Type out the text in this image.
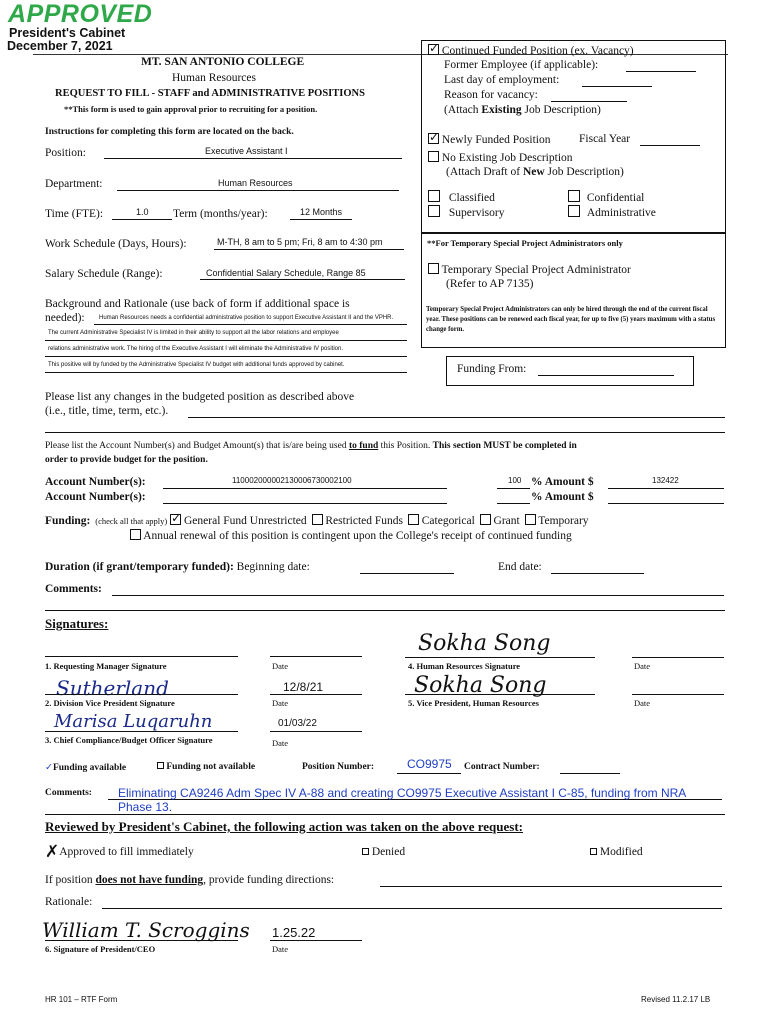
APPROVED
President's Cabinet
December 7, 2021
MT. SAN ANTONIO COLLEGE
Human Resources
REQUEST TO FILL - STAFF and ADMINISTRATIVE POSITIONS
**This form is used to gain approval prior to recruiting for a position.
Instructions for completing this form are located on the back.
Position:	Executive Assistant I
Department:	Human Resources
Time (FTE):	1.0 Term (months/year):	12 Months
Work Schedule (Days, Hours):	M-TH, 8 am to 5 pm; Fri, 8 am to 4:30 pm
Salary Schedule (Range):	Confidential Salary Schedule, Range 85
Background and Rationale (use back of form if additional space is
needed): Human Resources needs a confidential administrative position to support Executive Assistant II and the VPHR.
The current Administrative Specialist IV is limited in their ability to support all the labor relations and employee
relations administrative work. The hiring of the Executive Assistant I will eliminate the Administrative IV position.
This positive will by funded by the Administrative Specialist IV budget with additional funds approved by cabinet.
✓ Continued Funded Position (ex. Vacancy)
Former Employee (if applicable):
Last day of employment:
Reason for vacancy:
(Attach Existing Job Description)
✓ Newly Funded Position Fiscal Year
No Existing Job Description
(Attach Draft of New Job Description)
Classified	Confidential
Supervisory	Administrative
**For Temporary Special Project Administrators only
Temporary Special Project Administrator
(Refer to AP 7135)
Temporary Special Project Administrators can only be hired through the end of the current fiscal year. These positions can be renewed each fiscal year, for up to five (5) years maximum with a status change form.
Funding From:
Please list any changes in the budgeted position as described above
(i.e., title, time, term, etc.).
Please list the Account Number(s) and Budget Amount(s) that is/are being used to fund this Position. This section MUST be completed in
order to provide budget for the position.
Account Number(s):	110002000002130006730002100	100 % Amount $	132422
Account Number(s):	% Amount $
Funding: (check all that apply) ✓ General Fund Unrestricted Restricted Funds Categorical Grant Temporary
Annual renewal of this position is contingent upon the College's receipt of continued funding
Duration (if grant/temporary funded): Beginning date:	End date:
Comments:
Signatures:
1. Requesting Manager Signature	Date
Sokha Song
4. Human Resources Signature	Date
Sutherland	12/8/21
2. Division Vice President Signature	Date
Sokha Song
5. Vice President, Human Resources	Date
Marisa Luqaruhn	01/03/22
3. Chief Compliance/Budget Officer Signature	Date
✓Funding available	Funding not available	Position Number:	CO9975 Contract Number:
Comments: Eliminating CA9246 Adm Spec IV A-88 and creating CO9975 Executive Assistant I C-85, funding from NRA
Phase 13.
Reviewed by President's Cabinet, the following action was taken on the above request:
✗Approved to fill immediately	Denied	Modified
If position does not have funding, provide funding directions:
Rationale:
William T. Scroggins 1.25.22
6. Signature of President/CEO	Date
HR 101 – RTF Form	Revised 11.2.17 LB
